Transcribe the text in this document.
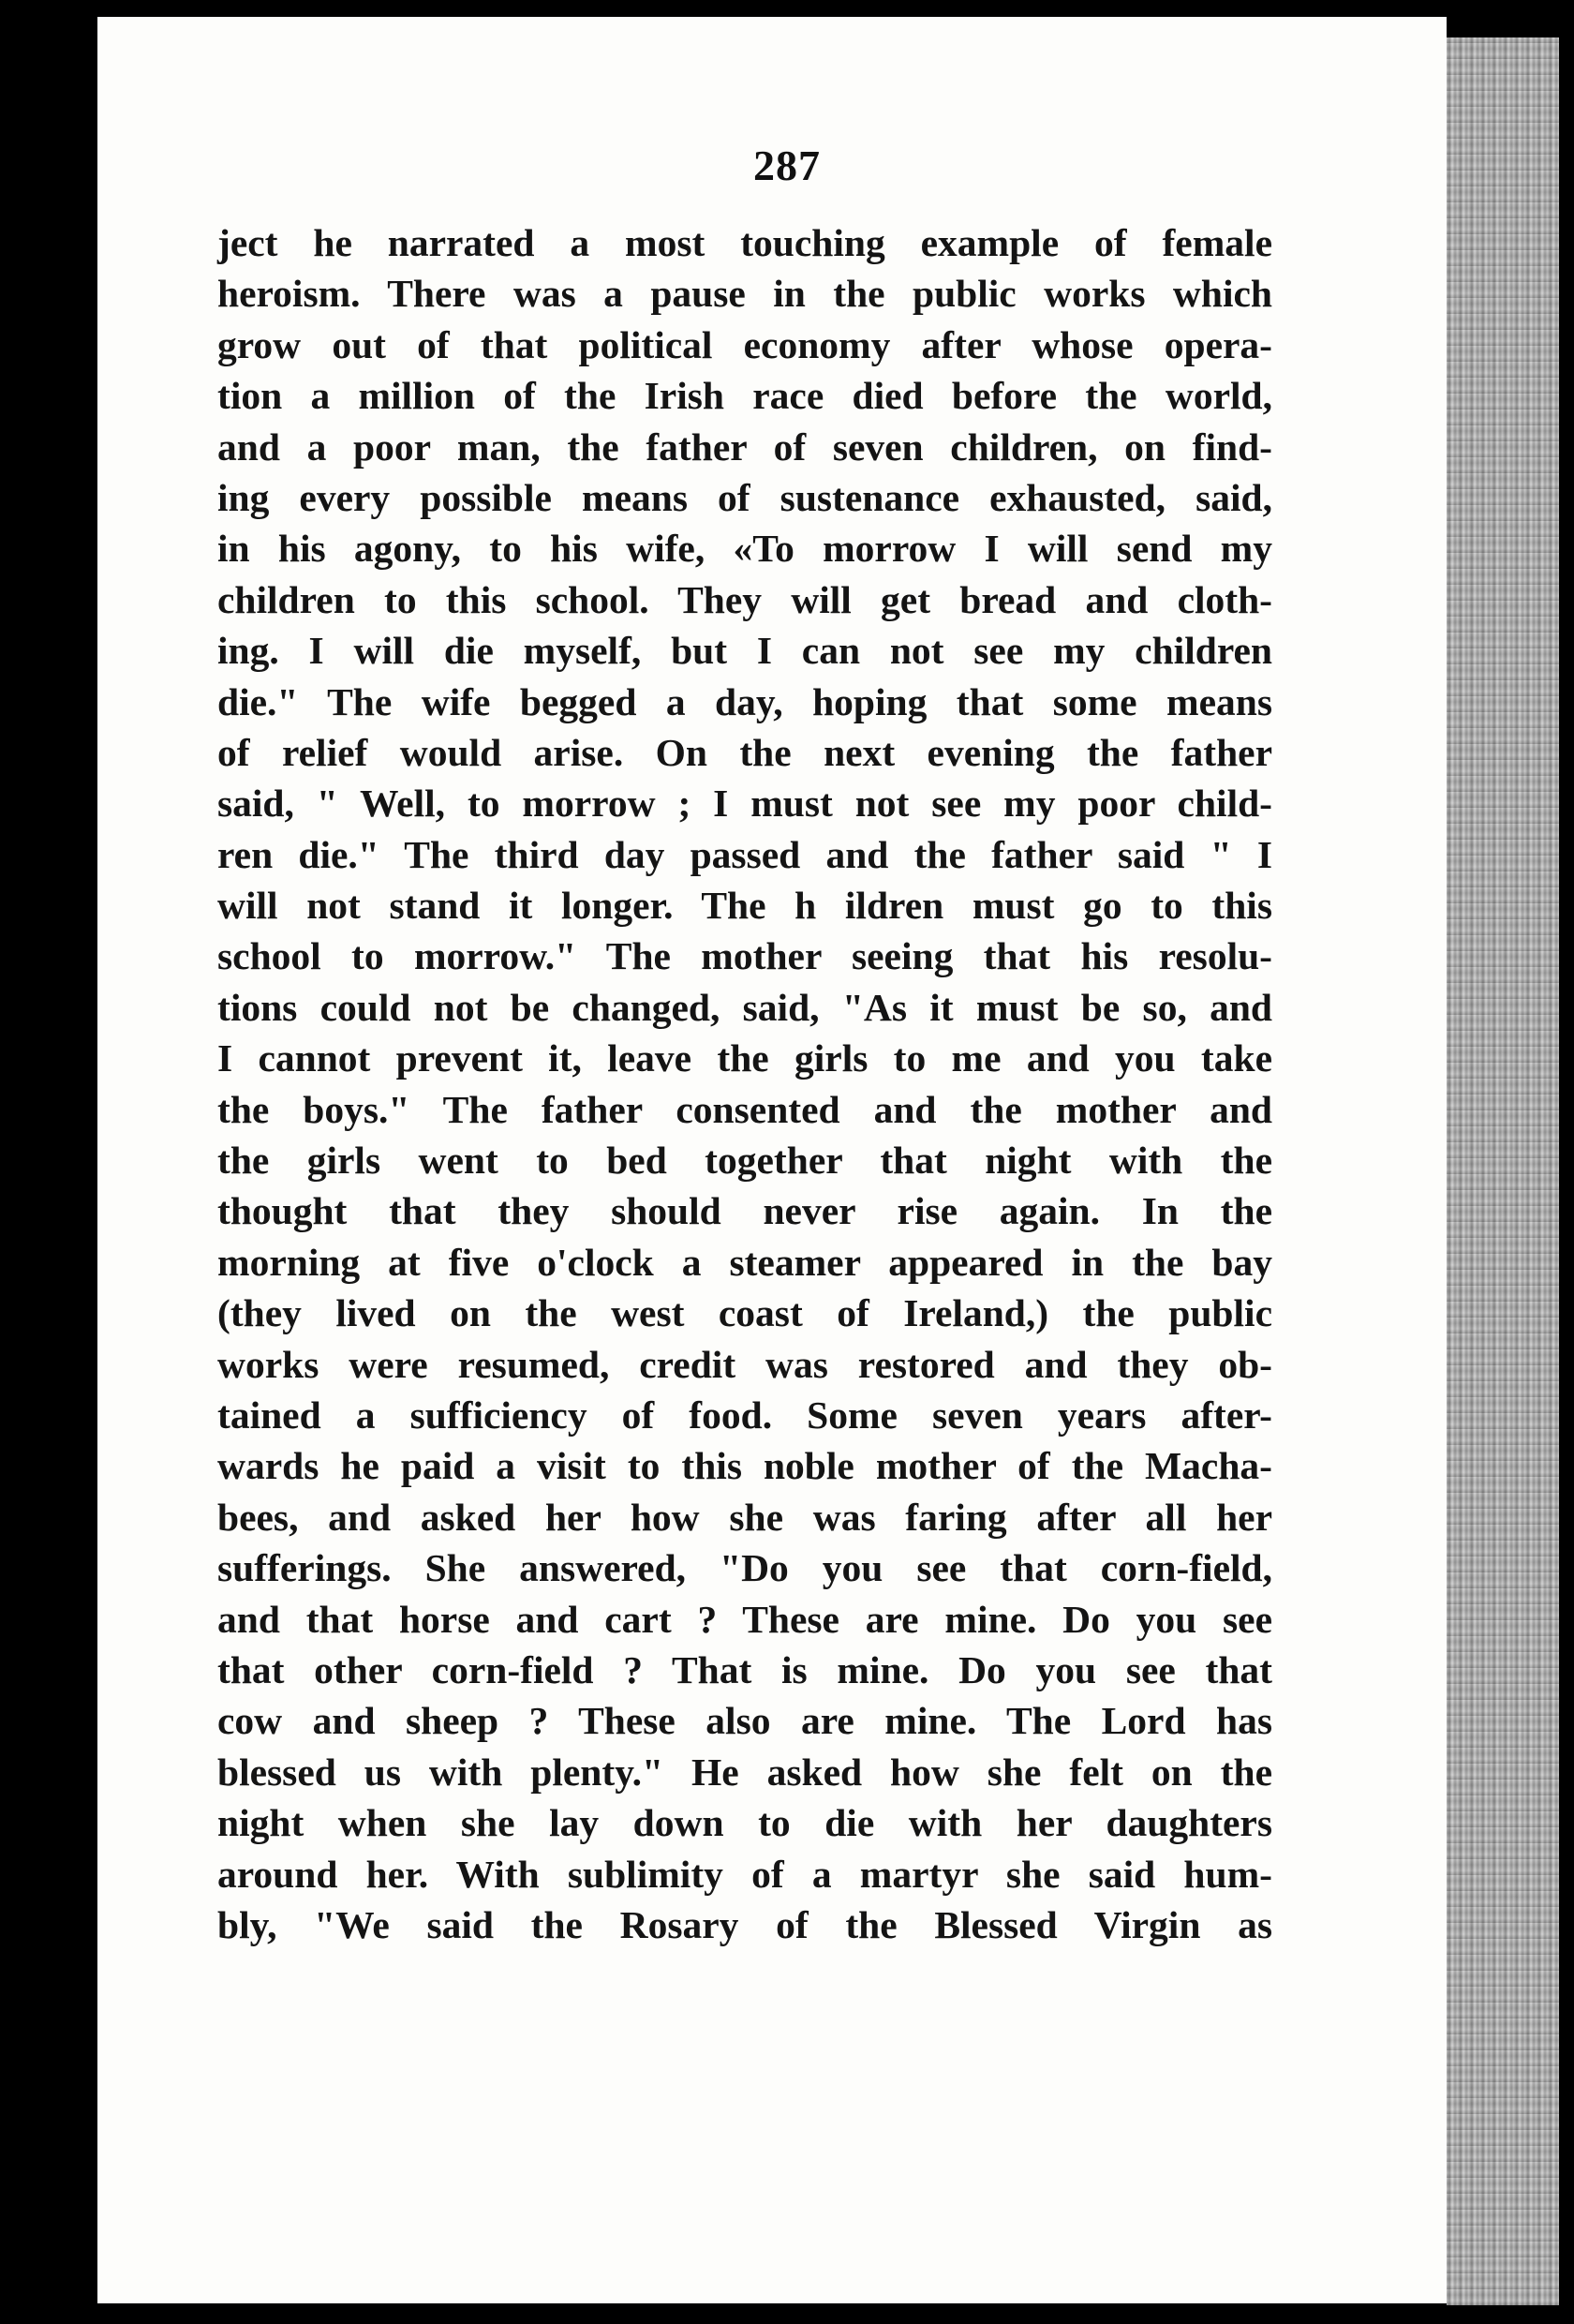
287
ject he narrated a most touching example of female
heroism. There was a pause in the public works which
grow out of that political economy after whose opera-
tion a million of the Irish race died before the world,
and a poor man, the father of seven children, on find-
ing every possible means of sustenance exhausted, said,
in his agony, to his wife, «To morrow I will send my
children to this school. They will get bread and cloth-
ing. I will die myself, but I can not see my children
die." The wife begged a day, hoping that some means
of relief would arise. On the next evening the father
said, " Well, to morrow ; I must not see my poor child-
ren die." The third day passed and the father said " I
will not stand it longer. The h ildren must go to this
school to morrow." The mother seeing that his resolu-
tions could not be changed, said, "As it must be so, and
I cannot prevent it, leave the girls to me and you take
the boys." The father consented and the mother and
the girls went to bed together that night with the
thought that they should never rise again. In the
morning at five o'clock a steamer appeared in the bay
(they lived on the west coast of Ireland,) the public
works were resumed, credit was restored and they ob-
tained a sufficiency of food. Some seven years after-
wards he paid a visit to this noble mother of the Macha-
bees, and asked her how she was faring after all her
sufferings. She answered, "Do you see that corn-field,
and that horse and cart ? These are mine. Do you see
that other corn-field ? That is mine. Do you see that
cow and sheep ? These also are mine. The Lord has
blessed us with plenty." He asked how she felt on the
night when she lay down to die with her daughters
around her. With sublimity of a martyr she said hum-
bly, "We said the Rosary of the Blessed Virgin as
